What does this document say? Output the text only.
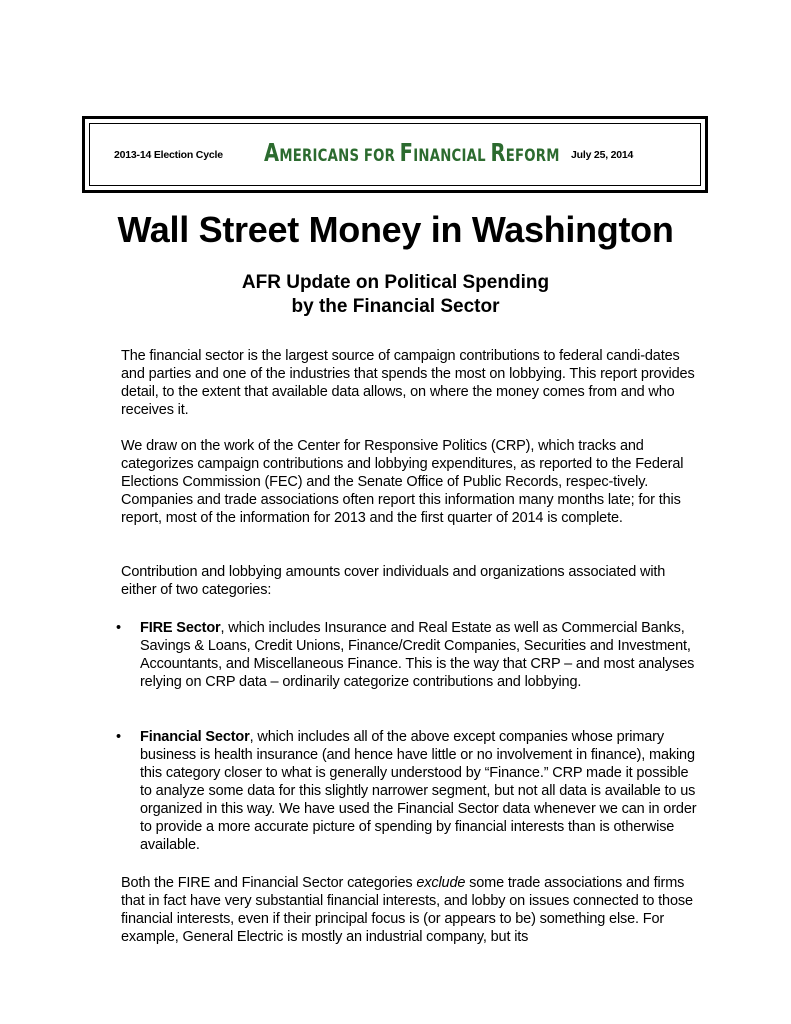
2013-14 Election Cycle AMERICANS FOR FINANCIAL REFORM July 25, 2014
Wall Street Money in Washington
AFR Update on Political Spending
by the Financial Sector

The financial sector is the largest source of campaign contributions to federal candi-dates and parties and one of the industries that spends the most on lobbying. This report provides detail, to the extent that available data allows, on where the money comes from and who receives it.

We draw on the work of the Center for Responsive Politics (CRP), which tracks and categorizes campaign contributions and lobbying expenditures, as reported to the Federal Elections Commission (FEC) and the Senate Office of Public Records, respec-tively. Companies and trade associations often report this information many months late; for this report, most of the information for 2013 and the first quarter of 2014 is complete.

Contribution and lobbying amounts cover individuals and organizations associated with either of two categories:

• FIRE Sector, which includes Insurance and Real Estate as well as Commercial Banks, Savings & Loans, Credit Unions, Finance/Credit Companies, Securities and Investment, Accountants, and Miscellaneous Finance. This is the way that CRP – and most analyses relying on CRP data – ordinarily categorize contributions and lobbying.
• Financial Sector, which includes all of the above except companies whose primary business is health insurance (and hence have little or no involvement in finance), making this category closer to what is generally understood by “Finance.” CRP made it possible to analyze some data for this slightly narrower segment, but not all data is available to us organized in this way. We have used the Financial Sector data whenever we can in order to provide a more accurate picture of spending by financial interests than is otherwise available.

Both the FIRE and Financial Sector categories exclude some trade associations and firms that in fact have very substantial financial interests, and lobby on issues connected to those financial interests, even if their principal focus is (or appears to be) something else. For example, General Electric is mostly an industrial company, but its
